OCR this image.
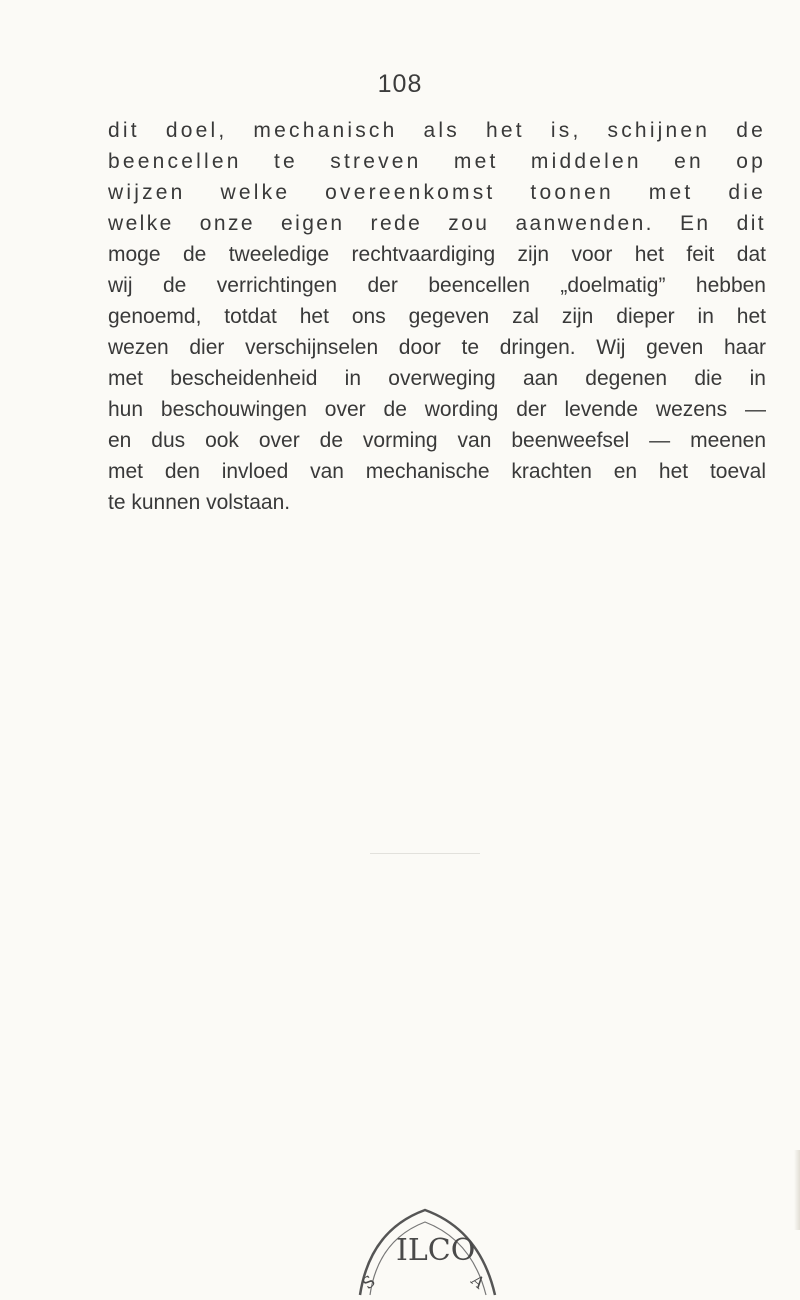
108
dit doel, mechanisch als het is, schijnen de
beencellen te streven met middelen en op
wijzen welke overeenkomst toonen met die
welke onze eigen rede zou aanwenden. En dit
moge de tweeledige rechtvaardiging zijn voor het feit dat
wij de verrichtingen der beencellen „doelmatig” hebben
genoemd, totdat het ons gegeven zal zijn dieper in het
wezen dier verschijnselen door te dringen. Wij geven haar
met bescheidenheid in overweging aan degenen die in
hun beschouwingen over de wording der levende wezens —
en dus ook over de vorming van beenweefsel — meenen
met den invloed van mechanische krachten en het toeval
te kunnen volstaan.
ILCO
S	A
